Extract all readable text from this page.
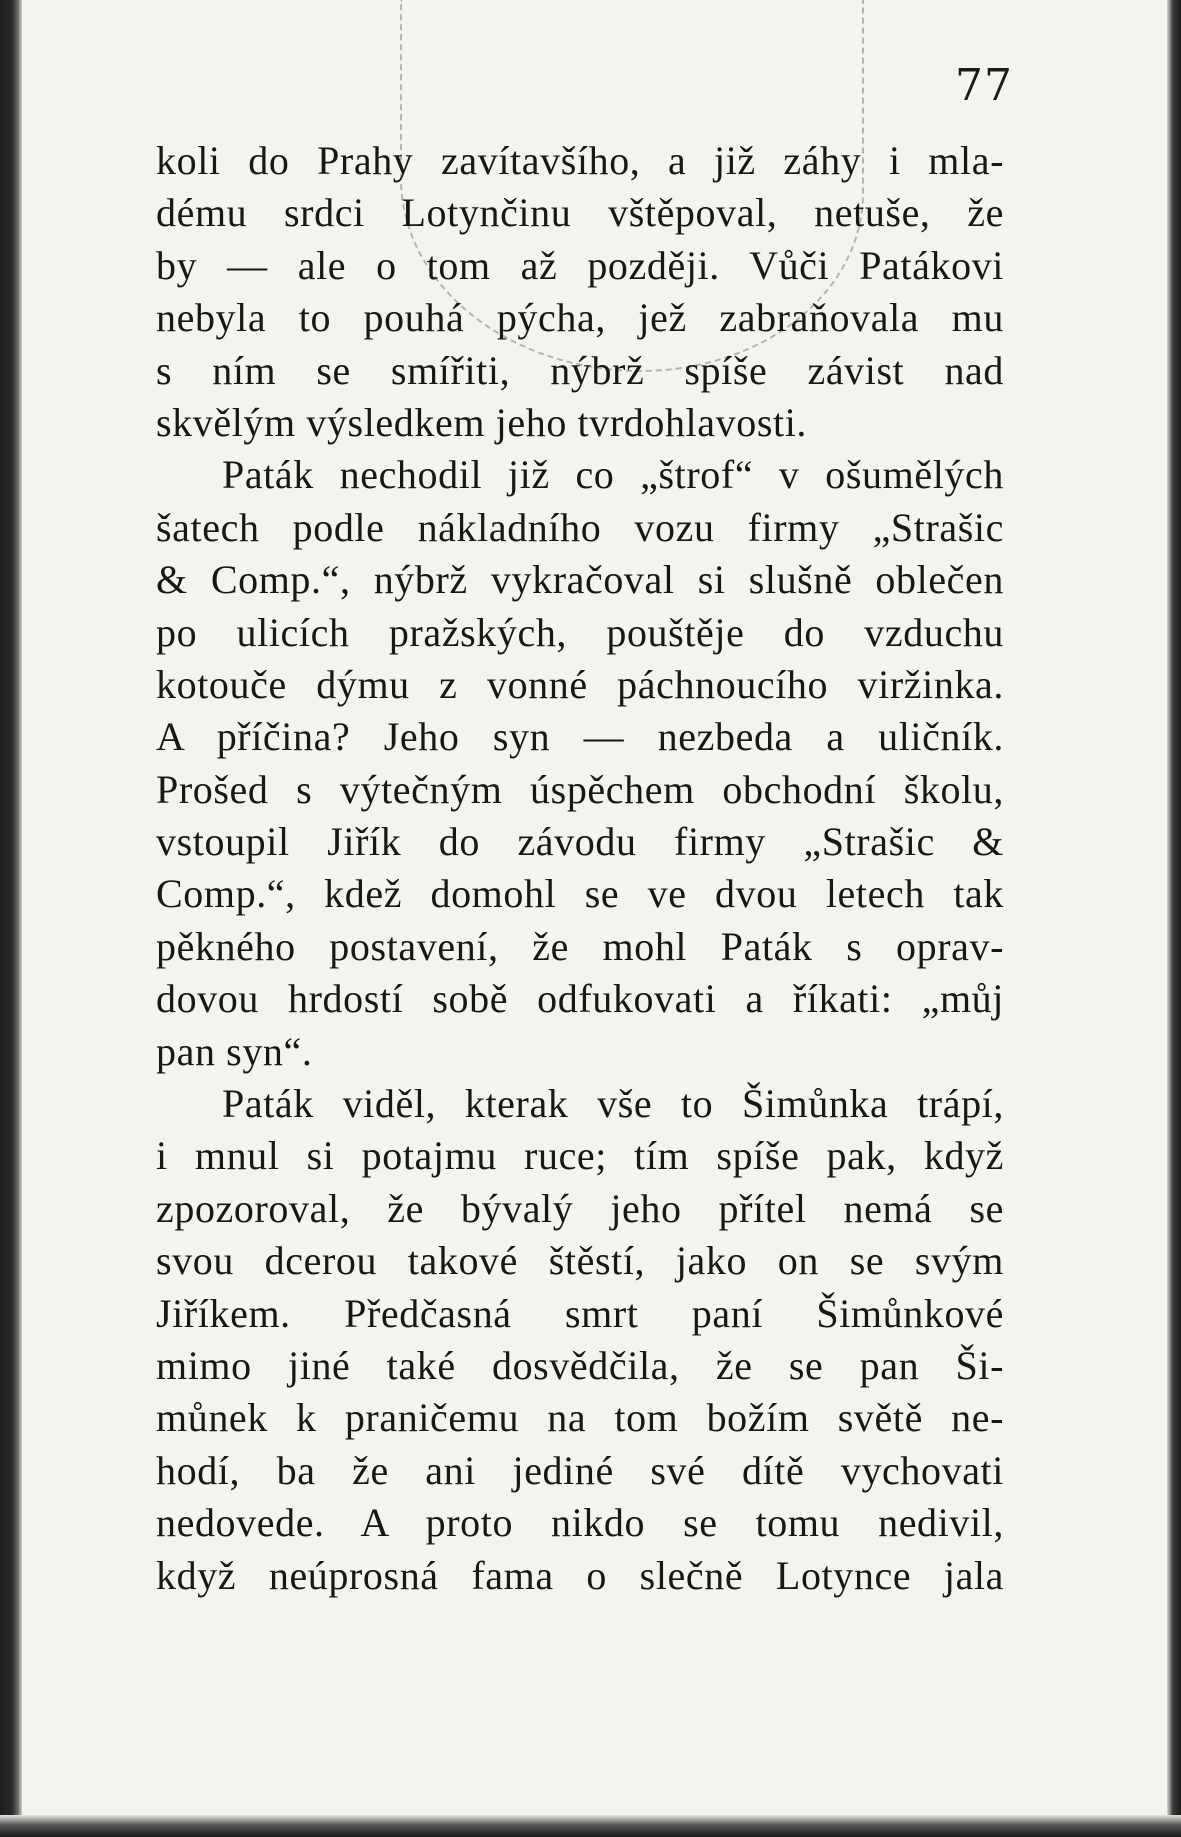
77
koli do Prahy zavítavšího, a již záhy i mla-
dému srdci Lotynčinu vštěpoval, netuše, že
by — ale o tom až později. Vůči Patákovi
nebyla to pouhá pýcha, jež zabraňovala mu
s ním se smířiti, nýbrž spíše závist nad
skvělým výsledkem jeho tvrdohlavosti.
Paták nechodil již co „štrof“ v ošumělých
šatech podle nákladního vozu firmy „Strašic
& Comp.“, nýbrž vykračoval si slušně oblečen
po ulicích pražských, pouštěje do vzduchu
kotouče dýmu z vonné páchnoucího viržinka.
A příčina? Jeho syn — nezbeda a uličník.
Prošed s výtečným úspěchem obchodní školu,
vstoupil Jiřík do závodu firmy „Strašic &
Comp.“, kdež domohl se ve dvou letech tak
pěkného postavení, že mohl Paták s oprav-
dovou hrdostí sobě odfukovati a říkati: „můj
pan syn“.
Paták viděl, kterak vše to Šimůnka trápí,
i mnul si potajmu ruce; tím spíše pak, když
zpozoroval, že bývalý jeho přítel nemá se
svou dcerou takové štěstí, jako on se svým
Jiříkem. Předčasná smrt paní Šimůnkové
mimo jiné také dosvědčila, že se pan Ši-
můnek k praničemu na tom božím světě ne-
hodí, ba že ani jediné své dítě vychovati
nedovede. A proto nikdo se tomu nedivil,
když neúprosná fama o slečně Lotynce jala
